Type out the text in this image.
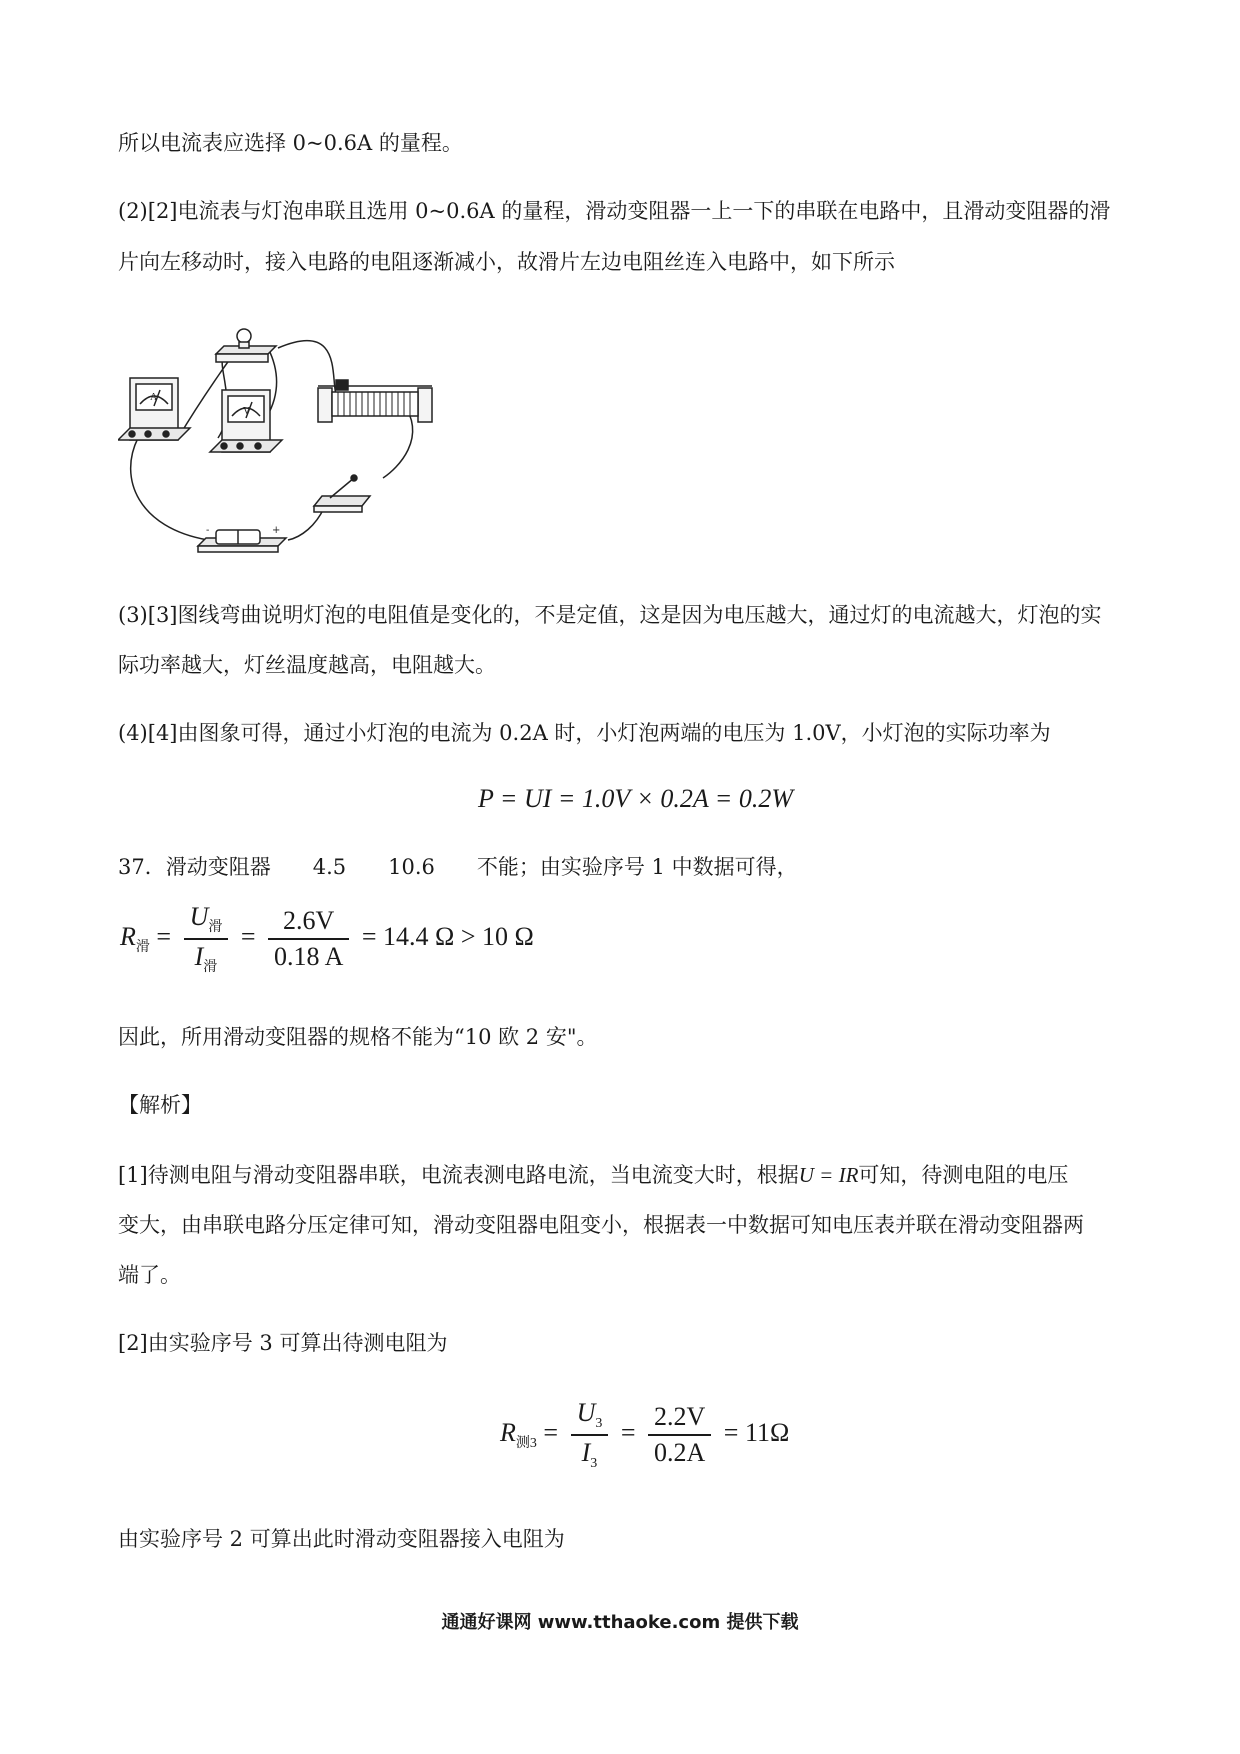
所以电流表应选择 0~0.6A 的量程。
(2)[2]电流表与灯泡串联且选用 0~0.6A 的量程，滑动变阻器一上一下的串联在电路中，且滑动变阻器的滑
片向左移动时，接入电路的电阻逐渐减小，故滑片左边电阻丝连入电路中，如下所示
A
V
-	+
(3)[3]图线弯曲说明灯泡的电阻值是变化的，不是定值，这是因为电压越大，通过灯的电流越大，灯泡的实
际功率越大，灯丝温度越高，电阻越大。
(4)[4]由图象可得，通过小灯泡的电流为 0.2A 时，小灯泡两端的电压为 1.0V，小灯泡的实际功率为
P = UI = 1.0V × 0.2A = 0.2W
37．滑动变阻器　　4.5　　10.6　　不能；由实验序号 1 中数据可得，
$R_滑 = \frac{U_滑}{I_滑} = \frac{2.6V}{0.18 A} = 14.4$ Ω > 10 Ω
因此，所用滑动变阻器的规格不能为“10 欧 2 安"。
【解析】
[1]待测电阻与滑动变阻器串联，电流表测电路电流，当电流变大时，根据U = IR可知，待测电阻的电压
变大，由串联电路分压定律可知，滑动变阻器电阻变小，根据表一中数据可知电压表并联在滑动变阻器两
端了。
[2]由实验序号 3 可算出待测电阻为
$R_{测3} = \frac{U_3}{I_3} = \frac{2.2V}{0.2A} = 11\Omega$
由实验序号 2 可算出此时滑动变阻器接入电阻为
通通好课网 www.tthaoke.com 提供下载
